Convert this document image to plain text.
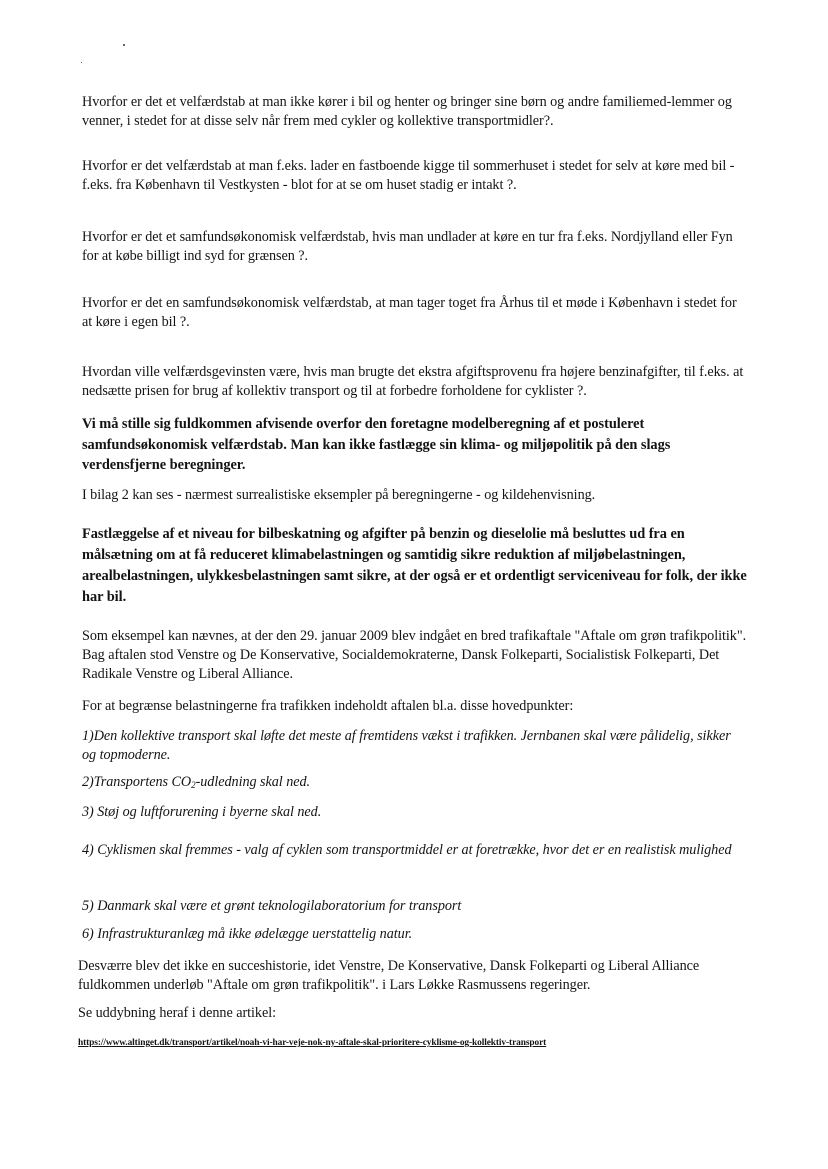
Hvorfor er det et velfærdstab at man ikke kører i bil og henter og bringer sine børn og andre familiemed-lemmer og venner, i stedet for at disse selv når frem med cykler og kollektive transportmidler?.

Hvorfor er det velfærdstab at man f.eks. lader en fastboende kigge til sommerhuset i stedet for selv at køre med bil - f.eks. fra København til Vestkysten - blot for at se om huset stadig er intakt ?.

Hvorfor er det et samfundsøkonomisk velfærdstab, hvis man undlader at køre en tur fra f.eks. Nordjylland eller Fyn for at købe billigt ind syd for grænsen ?.

Hvorfor er det en samfundsøkonomisk velfærdstab, at man tager toget fra Århus til et møde i København i stedet for at køre i egen bil ?.

Hvordan ville velfærdsgevinsten være, hvis man brugte det ekstra afgiftsprovenu fra højere benzinafgifter, til f.eks. at nedsætte prisen for brug af kollektiv transport og til at forbedre forholdene for cyklister ?.

Vi må stille sig fuldkommen afvisende overfor den foretagne modelberegning af et postuleret samfundsøkonomisk velfærdstab. Man kan ikke fastlægge sin klima- og miljøpolitik på den slags verdensfjerne beregninger.

I bilag 2 kan ses - nærmest surrealistiske eksempler på beregningerne - og kildehenvisning.

Fastlæggelse af et niveau for bilbeskatning og afgifter på benzin og dieselolie må besluttes ud fra en målsætning om at få reduceret klimabelastningen og samtidig sikre reduktion af miljøbelastningen, arealbelastningen, ulykkesbelastningen samt sikre, at der også er et ordentligt serviceniveau for folk, der ikke har bil.

Som eksempel kan nævnes, at der den 29. januar 2009 blev indgået en bred trafikaftale "Aftale om grøn trafikpolitik". Bag aftalen stod Venstre og De Konservative, Socialdemokraterne, Dansk Folkeparti, Socialistisk Folkeparti, Det Radikale Venstre og Liberal Alliance.

For at begrænse belastningerne fra trafikken indeholdt aftalen bl.a. disse hovedpunkter:

1)Den kollektive transport skal løfte det meste af fremtidens vækst i trafikken. Jernbanen skal være pålidelig, sikker og topmoderne.

2)Transportens $CO_2$-udledning skal ned.

3) Støj og luftforurening i byerne skal ned.

4) Cyklismen skal fremmes - valg af cyklen som transportmiddel er at foretrække, hvor det er en realistisk mulighed

5) Danmark skal være et grønt teknologilaboratorium for transport

6) Infrastrukturanlæg må ikke ødelægge uerstattelig natur.

Desværre blev det ikke en succeshistorie, idet Venstre, De Konservative, Dansk Folkeparti og Liberal Alliance fuldkommen underløb "Aftale om grøn trafikpolitik". i Lars Løkke Rasmussens regeringer.

Se uddybning heraf i denne artikel:

https://www.altinget.dk/transport/artikel/noah-vi-har-veje-nok-ny-aftale-skal-prioritere-cyklisme-og-kollektiv-transport
